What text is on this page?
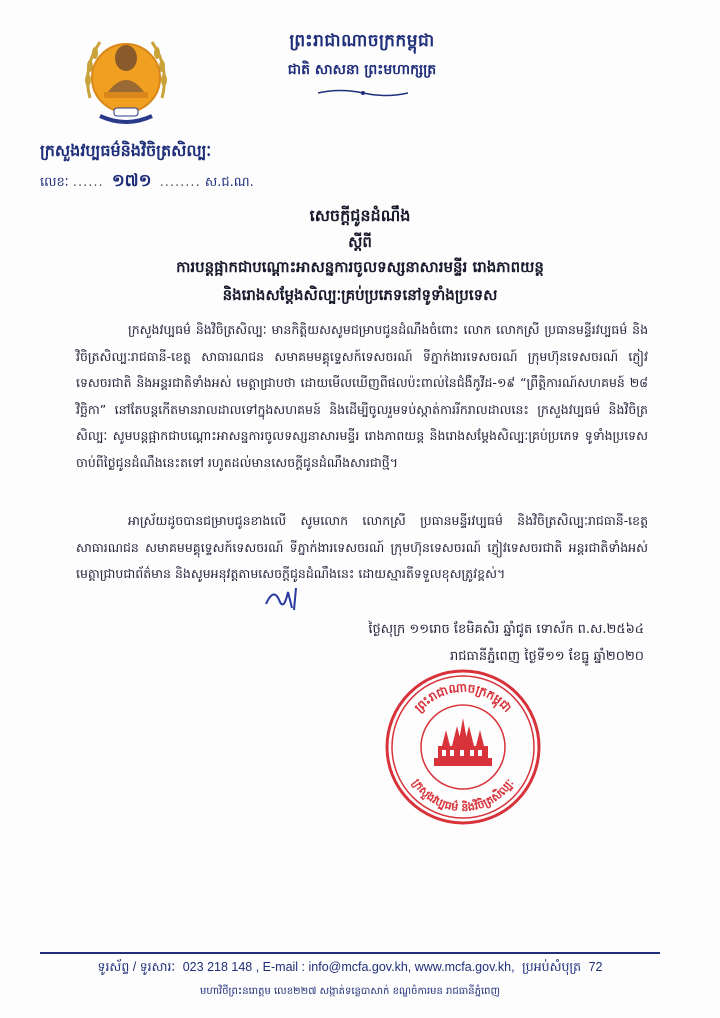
ព្រះរាជាណាចក្រកម្ពុជា
ជាតិ សាសនា ព្រះមហាក្សត្រ
ក្រសួងវប្បធម៌និងវិចិត្រសិល្បៈ
លេខៈ ...... ១៧១ ........ ស.ជ.ណ.
សេចក្តីជូនដំណឹង
ស្តីពី
ការបន្តផ្អាកជាបណ្តោះអាសន្នការចូលទស្សនាសារមន្ទីរ រោងភាពយន្ត
និងរោងសម្តែងសិល្បៈគ្រប់ប្រភេទនៅទូទាំងប្រទេស
ក្រសួងវប្បធម៌ និងវិចិត្រសិល្បៈ មានកិត្តិយសសូមជម្រាបជូនដំណឹងចំពោះ លោក លោកស្រី ប្រធានមន្ទីរវប្បធម៌ និងវិចិត្រសិល្បៈរាជធានី-ខេត្ត សាធារណជន សមាគមមគ្គុទ្ទេសក៍ទេសចរណ៍ ទីភ្នាក់ងារទេសចរណ៍ ក្រុមហ៊ុនទេសចរណ៍ ភ្ញៀវទេសចរជាតិ និងអន្តរជាតិទាំងអស់ មេត្តាជ្រាបថា ដោយមើលឃើញពីផលប៉ះពាល់នៃជំងឺកូវីដ-១៩ “ព្រឹត្តិការណ៍សហគមន៍ ២៨ វិច្ឆិកា” នៅតែបន្តកើតមានរាលដាលទៅក្នុងសហគមន៍ និងដើម្បីចូលរួមទប់ស្កាត់ការរីករាលដាលនេះ ក្រសួងវប្បធម៌ និងវិចិត្រសិល្បៈ សូមបន្តផ្អាកជាបណ្តោះអាសន្នការចូលទស្សនាសារមន្ទីរ រោងភាពយន្ត និងរោងសម្តែងសិល្បៈគ្រប់ប្រភេទ ទូទាំងប្រទេស ចាប់ពីថ្ងៃជូនដំណឹងនេះតទៅ រហូតដល់មានសេចក្តីជូនដំណឹងសារជាថ្មី។
អាស្រ័យដូចបានជម្រាបជូនខាងលើ សូមលោក លោកស្រី ប្រធានមន្ទីរវប្បធម៌ និងវិចិត្រសិល្បៈរាជធានី-ខេត្ត សាធារណជន សមាគមមគ្គុទ្ទេសក៍ទេសចរណ៍ ទីភ្នាក់ងារទេសចរណ៍ ក្រុមហ៊ុនទេសចរណ៍ ភ្ញៀវទេសចរជាតិ អន្តរជាតិទាំងអស់ មេត្តាជ្រាបជាព័ត៌មាន និងសូមអនុវត្តតាមសេចក្តីជូនដំណឹងនេះ ដោយស្មារតីទទួលខុសត្រូវខ្ពស់។
ថ្ងៃសុក្រ ១១រោច ខែមិគសិរ ឆ្នាំជូត ទោស័ក ព.ស.២៥៦៤
រាជធានីភ្នំពេញ ថ្ងៃទី១១ ខែធ្នូ ឆ្នាំ២០២០
ព្រះរាជាណាចក្រកម្ពុជា
ក្រសួងវប្បធម៌ និងវិចិត្រសិល្បៈ
ទូរស័ព្ទ / ទូរសារៈ 023 218 148 , E-mail : info@mcfa.gov.kh, www.mcfa.gov.kh, ប្រអប់សំបុត្រ 72
មហាវិថីព្រះនរោត្តម លេខ២២៧ សង្កាត់ទន្លេបាសាក់ ខណ្ឌចំការមន រាជធានីភ្នំពេញ
